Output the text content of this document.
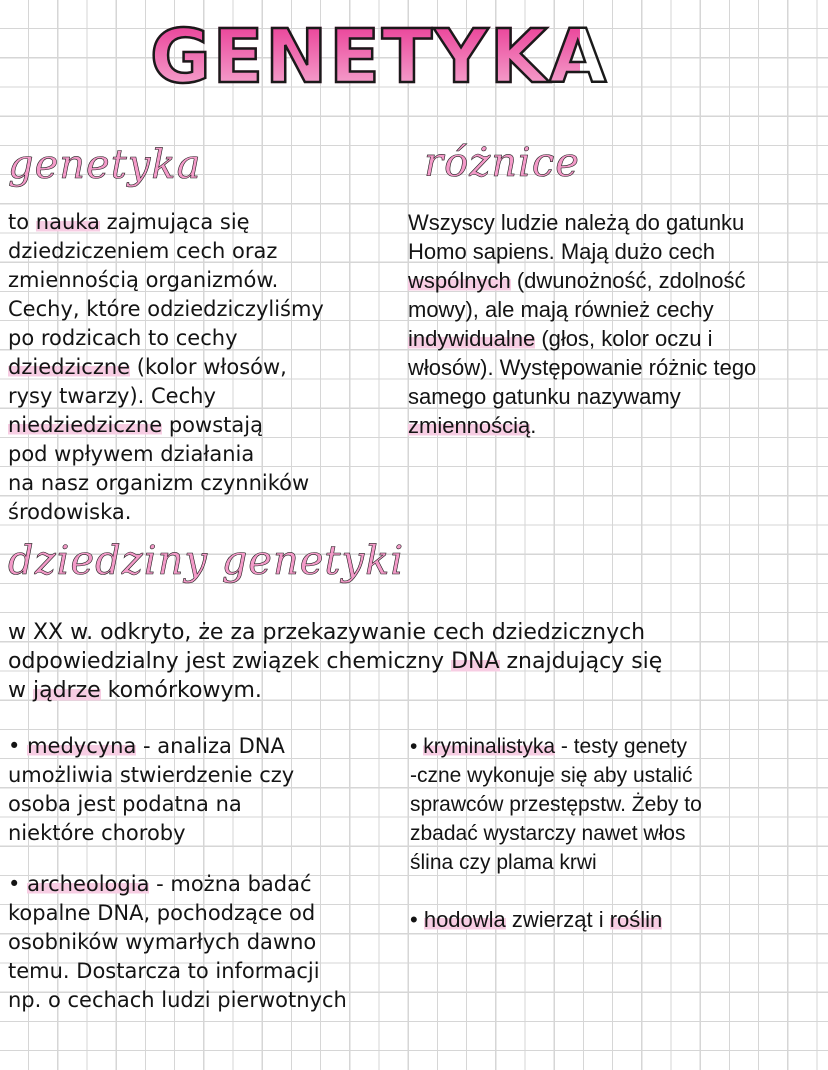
GENETYKA
genetyka
to nauka zajmująca się
dziedziczeniem cech oraz
zmiennością organizmów.
Cechy, które odziedziczyliśmy
po rodzicach to cechy
dziedziczne (kolor włosów,
rysy twarzy). Cechy
niedziedziczne powstają
pod wpływem działania
na nasz organizm czynników
środowiska.
różnice
Wszyscy ludzie należą do gatunku
Homo sapiens. Mają dużo cech
wspólnych (dwunożność, zdolność
mowy), ale mają również cechy
indywidualne (głos, kolor oczu i
włosów). Występowanie różnic tego
samego gatunku nazywamy
zmiennością.
dziedziny genetyki
w XX w. odkryto, że za przekazywanie cech dziedzicznych
odpowiedzialny jest związek chemiczny DNA znajdujący się
w jądrze komórkowym.
• medycyna - analiza DNA
umożliwia stwierdzenie czy
osoba jest podatna na
niektóre choroby
• archeologia - można badać
kopalne DNA, pochodzące od
osobników wymarłych dawno
temu. Dostarcza to informacji
np. o cechach ludzi pierwotnych
• kryminalistyka - testy genety
-czne wykonuje się aby ustalić
sprawców przestępstw. Żeby to
zbadać wystarczy nawet włos
ślina czy plama krwi
• hodowla zwierząt i roślin
